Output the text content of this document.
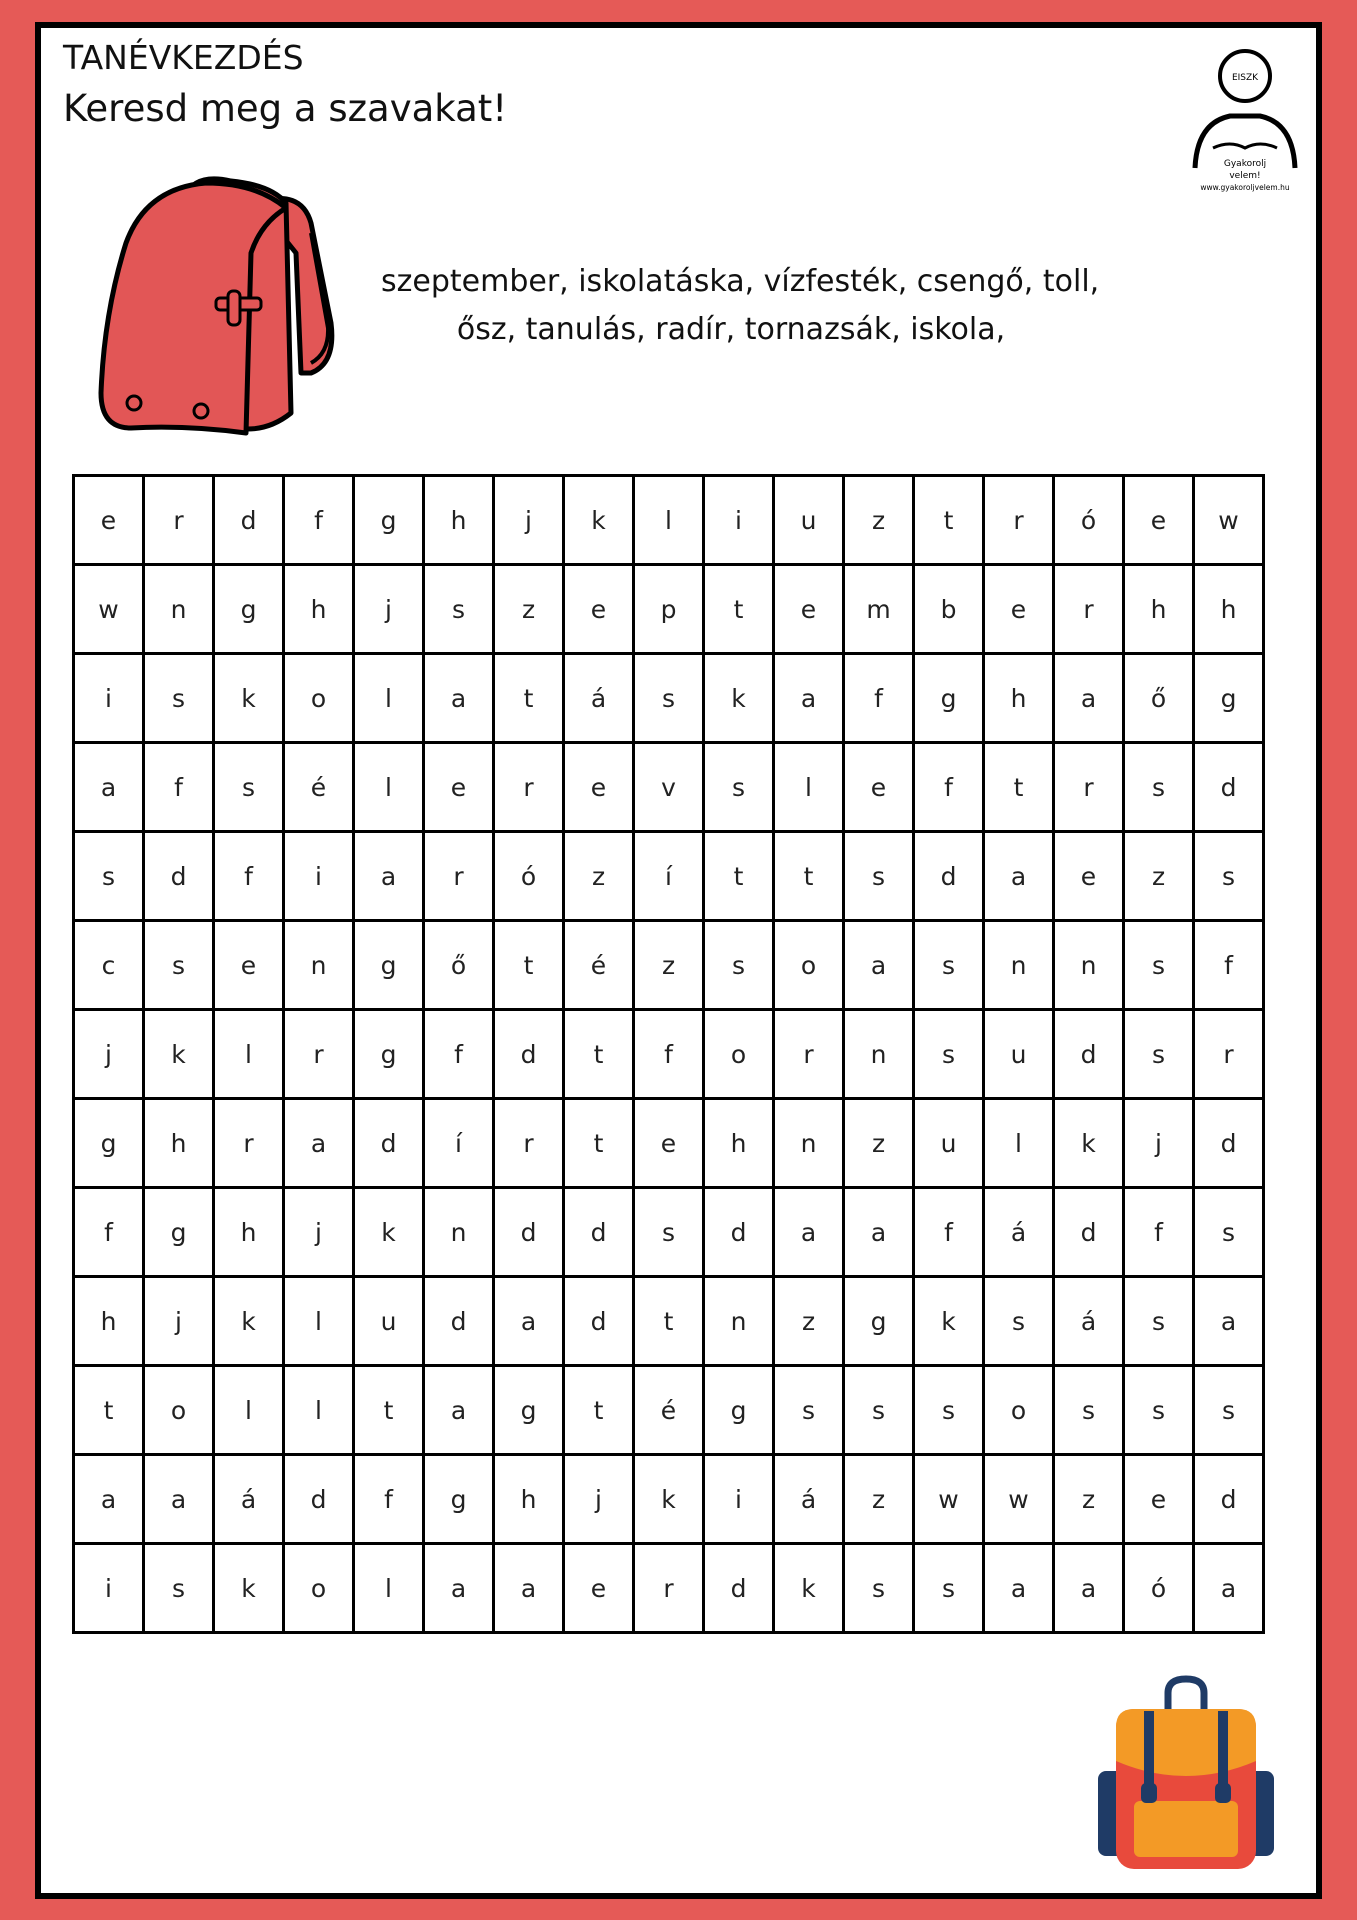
TANÉVKEZDÉS
Keresd meg a szavakat!
EISZK
Gyakorolj
velem!
www.gyakoroljvelem.hu
szeptember, iskolatáska, vízfesték, csengő, toll,
ősz, tanulás, radír, tornazsák, iskola,
e	r	d	f	g	h	j	k	l	i	u	z	t	r	ó	e	w
w	n	g	h	j	s	z	e	p	t	e	m	b	e	r	h	h
i	s	k	o	l	a	t	á	s	k	a	f	g	h	a	ő	g
a	f	s	é	l	e	r	e	v	s	l	e	f	t	r	s	d
s	d	f	i	a	r	ó	z	í	t	t	s	d	a	e	z	s
c	s	e	n	g	ő	t	é	z	s	o	a	s	n	n	s	f
j	k	l	r	g	f	d	t	f	o	r	n	s	u	d	s	r
g	h	r	a	d	í	r	t	e	h	n	z	u	l	k	j	d
f	g	h	j	k	n	d	d	s	d	a	a	f	á	d	f	s
h	j	k	l	u	d	a	d	t	n	z	g	k	s	á	s	a
t	o	l	l	t	a	g	t	é	g	s	s	s	o	s	s	s
a	a	á	d	f	g	h	j	k	i	á	z	w	w	z	e	d
i	s	k	o	l	a	a	e	r	d	k	s	s	a	a	ó	a
